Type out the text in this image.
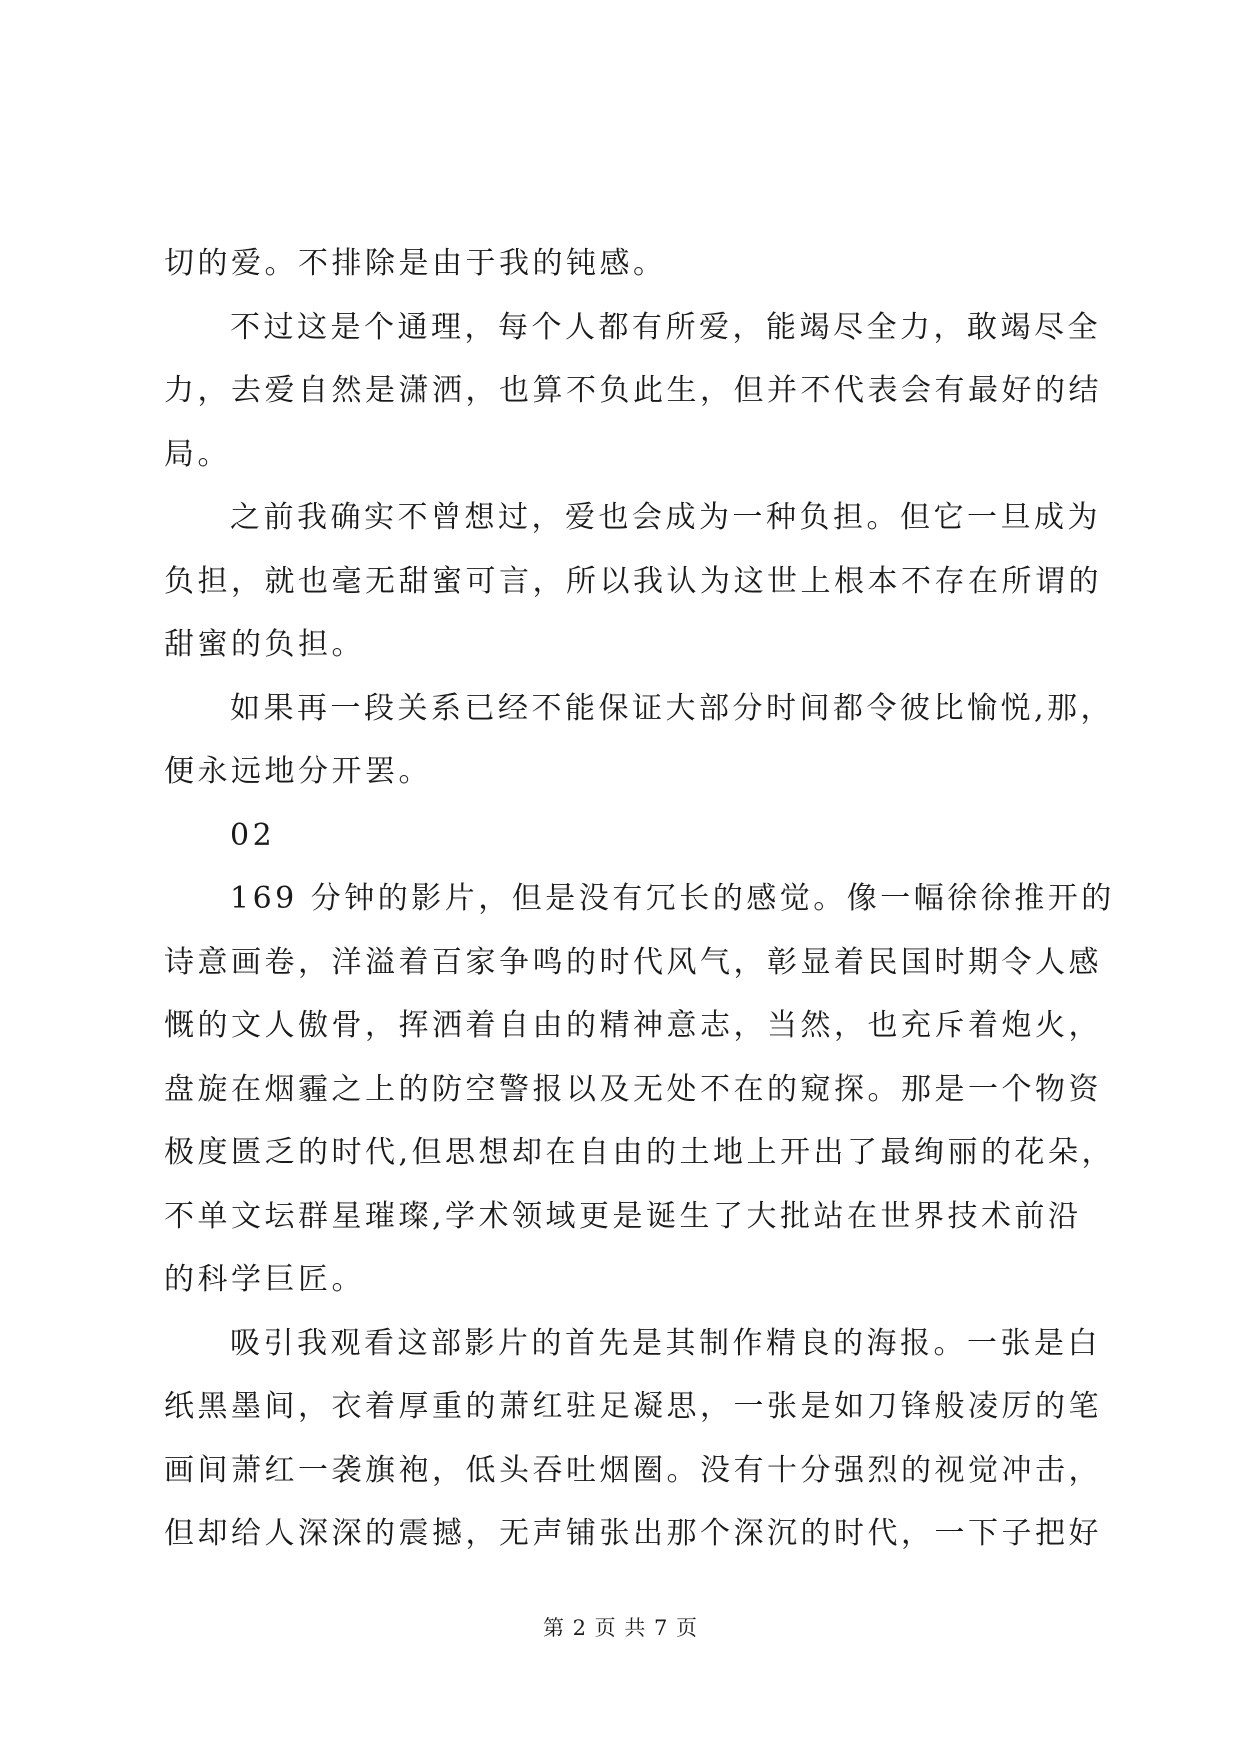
切的爱。不排除是由于我的钝感。
不过这是个通理，每个人都有所爱，能竭尽全力，敢竭尽全
力，去爱自然是潇洒，也算不负此生，但并不代表会有最好的结
局。
之前我确实不曾想过，爱也会成为一种负担。但它一旦成为
负担，就也毫无甜蜜可言，所以我认为这世上根本不存在所谓的
甜蜜的负担。
如果再一段关系已经不能保证大部分时间都令彼比愉悦,那，
便永远地分开罢。
02
169 分钟的影片，但是没有冗长的感觉。像一幅徐徐推开的
诗意画卷，洋溢着百家争鸣的时代风气，彰显着民国时期令人感
慨的文人傲骨，挥洒着自由的精神意志，当然，也充斥着炮火，
盘旋在烟霾之上的防空警报以及无处不在的窥探。那是一个物资
极度匮乏的时代,但思想却在自由的土地上开出了最绚丽的花朵，
不单文坛群星璀璨,学术领域更是诞生了大批站在世界技术前沿
的科学巨匠。
吸引我观看这部影片的首先是其制作精良的海报。一张是白
纸黑墨间，衣着厚重的萧红驻足凝思，一张是如刀锋般凌厉的笔
画间萧红一袭旗袍，低头吞吐烟圈。没有十分强烈的视觉冲击，
但却给人深深的震撼，无声铺张出那个深沉的时代，一下子把好
第 2 页 共 7 页
